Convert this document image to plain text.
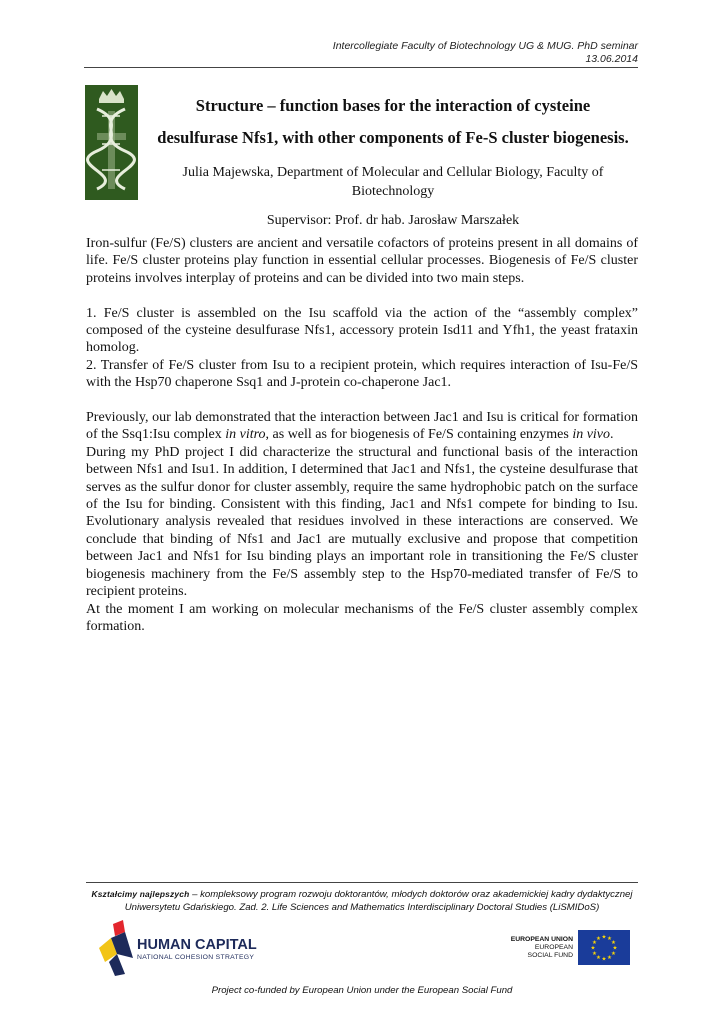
Intercollegiate Faculty of Biotechnology UG & MUG. PhD seminar
13.06.2014
Structure – function bases for the interaction of cysteine
desulfurase Nfs1, with other components of Fe-S cluster biogenesis.
Julia Majewska, Department of Molecular and Cellular Biology, Faculty of Biotechnology
Supervisor: Prof. dr hab. Jarosław Marszałek

Iron-sulfur (Fe/S) clusters are ancient and versatile cofactors of proteins present in all domains of life. Fe/S cluster proteins play function in essential cellular processes. Biogenesis of Fe/S cluster proteins involves interplay of proteins and can be divided into two main steps.

1. Fe/S cluster is assembled on the Isu scaffold via the action of the “assembly complex” composed of the cysteine desulfurase Nfs1, accessory protein Isd11 and Yfh1, the yeast frataxin homolog.

2. Transfer of Fe/S cluster from Isu to a recipient protein, which requires interaction of Isu-Fe/S with the Hsp70 chaperone Ssq1 and J-protein co-chaperone Jac1.

Previously, our lab demonstrated that the interaction between Jac1 and Isu is critical for formation of the Ssq1:Isu complex in vitro, as well as for biogenesis of Fe/S containing enzymes in vivo.

During my PhD project I did characterize the structural and functional basis of the interaction between Nfs1 and Isu1. In addition, I determined that Jac1 and Nfs1, the cysteine desulfurase that serves as the sulfur donor for cluster assembly, require the same hydrophobic patch on the surface of the Isu for binding. Consistent with this finding, Jac1 and Nfs1 compete for binding to Isu. Evolutionary analysis revealed that residues involved in these interactions are conserved. We conclude that binding of Nfs1 and Jac1 are mutually exclusive and propose that competition between Jac1 and Nfs1 for Isu binding plays an important role in transitioning the Fe/S cluster biogenesis machinery from the Fe/S assembly step to the Hsp70-mediated transfer of Fe/S to recipient proteins.

At the moment I am working on molecular mechanisms of the Fe/S cluster assembly complex formation.

Kształcimy najlepszych – kompleksowy program rozwoju doktorantów, młodych doktorów oraz akademickiej kadry dydaktycznej Uniwersytetu Gdańskiego. Zad. 2. Life Sciences and Mathematics Interdisciplinary Doctoral Studies (LiSMIDoS)
HUMAN CAPITAL
NATIONAL COHESION STRATEGY
EUROPEAN UNION
EUROPEAN
SOCIAL FUND
★
★
★
★
★
★
★
★
★ ★ ★
★
Project co-funded by European Union under the European Social Fund
